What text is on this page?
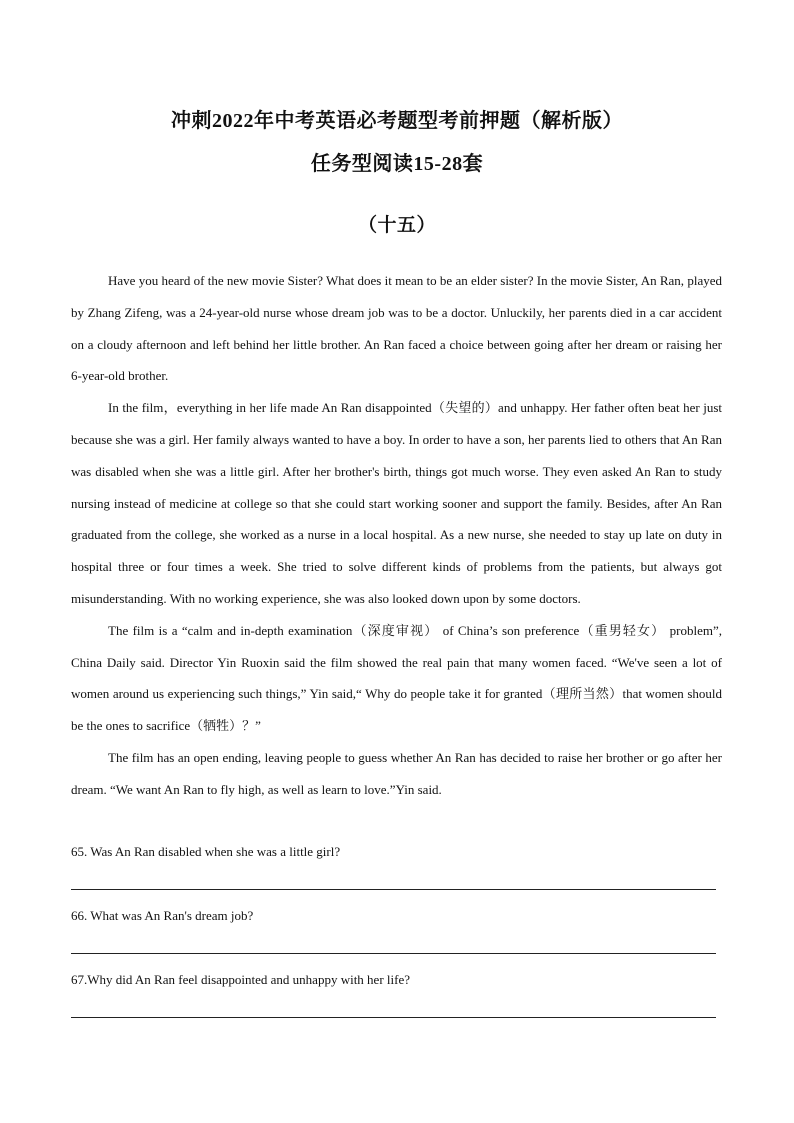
冲刺2022年中考英语必考题型考前押题（解析版）
任务型阅读15-28套
（十五）

Have you heard of the new movie Sister? What does it mean to be an elder sister? In the movie Sister, An Ran, played by Zhang Zifeng, was a 24-year-old nurse whose dream job was to be a doctor. Unluckily, her parents died in a car accident on a cloudy afternoon and left behind her little brother. An Ran faced a choice between going after her dream or raising her 6-year-old brother.

In the film，everything in her life made An Ran disappointed（失望的）and unhappy. Her father often beat her just because she was a girl. Her family always wanted to have a boy. In order to have a son, her parents lied to others that An Ran was disabled when she was a little girl. After her brother's birth, things got much worse. They even asked An Ran to study nursing instead of medicine at college so that she could start working sooner and support the family. Besides, after An Ran graduated from the college, she worked as a nurse in a local hospital. As a new nurse, she needed to stay up late on duty in hospital three or four times a week. She tried to solve different kinds of problems from the patients, but always got misunderstanding. With no working experience, she was also looked down upon by some doctors.

The film is a “calm and in-depth examination（深度审视） of China’s son preference（重男轻女） problem”, China Daily said. Director Yin Ruoxin said the film showed the real pain that many women faced. “We've seen a lot of women around us experiencing such things,” Yin said,“ Why do people take it for granted（理所当然）that women should be the ones to sacrifice（牺牲）？”

The film has an open ending, leaving people to guess whether An Ran has decided to raise her brother or go after her dream. “We want An Ran to fly high, as well as learn to love.”Yin said.

65. Was An Ran disabled when she was a little girl?
66. What was An Ran's dream job?
67.Why did An Ran feel disappointed and unhappy with her life?
